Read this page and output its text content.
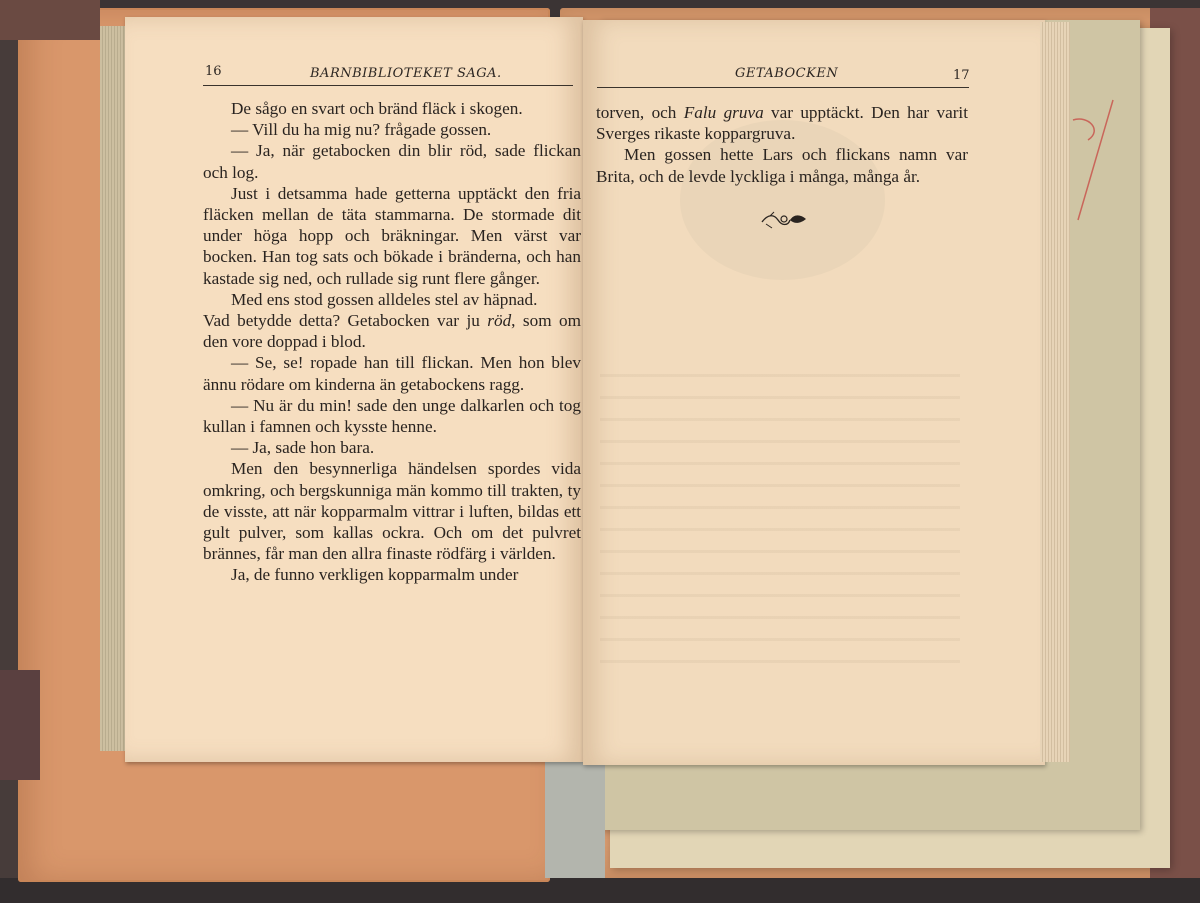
16	BARNBIBLIOTEKET SAGA.

De sågo en svart och bränd fläck i skogen.

— Vill du ha mig nu? frågade gossen.

— Ja, när getabocken din blir röd, sade flickan och log.

Just i detsamma hade getterna upptäckt den fria fläcken mellan de täta stammarna. De stormade dit under höga hopp och bräkningar. Men värst var bocken. Han tog sats och bökade i bränderna, och han kastade sig ned, och rullade sig runt flere gånger.

Med ens stod gossen alldeles stel av häpnad.

Vad betydde detta? Getabocken var ju röd, som om den vore doppad i blod.

— Se, se! ropade han till flickan. Men hon blev ännu rödare om kinderna än getabockens ragg.

— Nu är du min! sade den unge dalkarlen och tog kullan i famnen och kysste henne.

— Ja, sade hon bara.

Men den besynnerliga händelsen spordes vida omkring, och bergskunniga män kommo till trakten, ty de visste, att när kopparmalm vittrar i luften, bildas ett gult pulver, som kallas ockra. Och om det pulvret brännes, får man den allra finaste rödfärg i världen.

Ja, de funno verkligen kopparmalm under

GETABOCKEN	17

torven, och Falu gruva var upptäckt. Den har varit Sverges rikaste koppargruva.

Men gossen hette Lars och flickans namn var Brita, och de levde lyckliga i många, många år.
